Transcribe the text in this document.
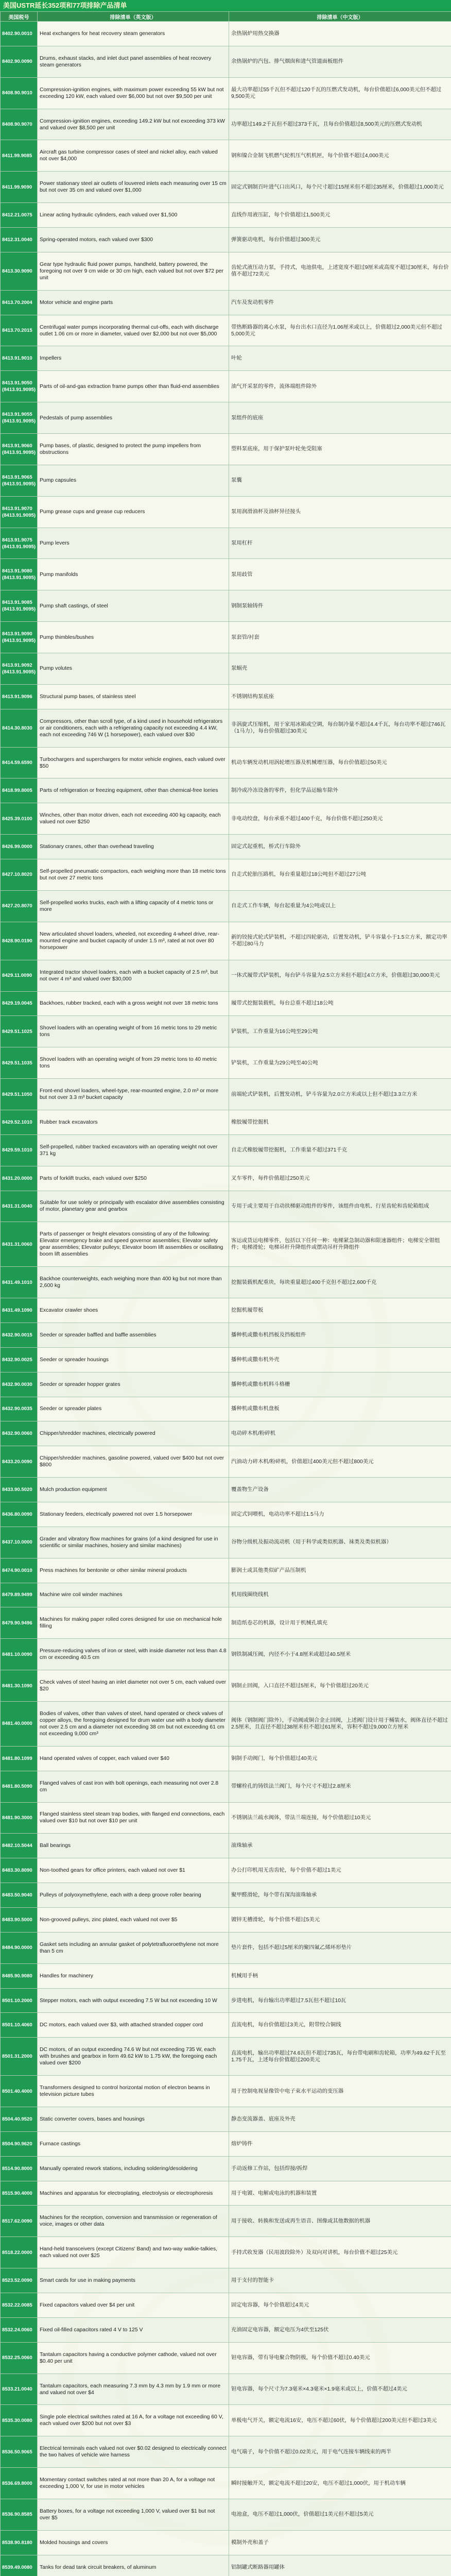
美国USTR延长352项和77项排除产品清单
美国税号	排除清单（英文版）	排除清单（中文版）
8402.90.0010	Heat exchangers for heat recovery steam generators	余热锅炉用热交换器
8402.90.0090	Drums, exhaust stacks, and inlet duct panel assemblies of heat recovery steam generators	余热锅炉的汽包、排气烟囱和进气管道面板组件
8408.90.9010	Compression-ignition engines, with maximum power exceeding 55 kW but not exceeding 120 kW, each valued over $6,000 but not over $9,500 per unit	最大功率超过55千瓦但不超过120千瓦的压燃式发动机，每台价值超过6,000美元但不超过9,500美元
8408.90.9070	Compression-ignition engines, exceeding 149.2 kW but not exceeding 373 kW and valued over $8,500 per unit	功率超过149.2千瓦但不超过373千瓦，且每台价值超过8,500美元的压燃式发动机
8411.99.9085	Aircraft gas turbine compressor cases of steel and nickel alloy, each valued not over $4,000	钢和镍合金制飞机燃气轮机压气机机匣，每个价值不超过4,000美元
8411.99.9090	Power stationary steel air outlets of louvered inlets each measuring over 15 cm but not over 35 cm and valued over $1,000	固定式钢制百叶进气口出风口，每个尺寸超过15厘米但不超过35厘米，价值超过1,000美元
8412.21.0075	Linear acting hydraulic cylinders, each valued over $1,500	直线作用液压缸，每个价值超过1,500美元
8412.31.0040	Spring-operated motors, each valued over $300	弹簧驱动电机，每台价值超过300美元
8413.30.9090	Gear type hydraulic fluid power pumps, handheld, battery powered, the foregoing not over 9 cm wide or 30 cm high, each valued but not over $72 per unit	齿轮式液压动力泵，手持式，电池供电，上述宽度不超过9厘米或高度不超过30厘米，每台价值不超过72美元
8413.70.2004	Motor vehicle and engine parts	汽车及发动机零件
8413.70.2015	Centrifugal water pumps incorporating thermal cut-offs, each with discharge outlet 1.06 cm or more in diameter, valued over $2,000 but not over $5,000	带热断路器的离心水泵，每台出水口直径为1.06厘米或以上，价值超过2,000美元但不超过5,000美元
8413.91.9010	Impellers	叶轮
8413.91.9050 (8413.91.9095)	Parts of oil-and-gas extraction frame pumps other than fluid-end assemblies	油气开采泵的零件，流体端组件除外
8413.91.9055 (8413.91.9095)	Pedestals of pump assemblies	泵组件的底座
8413.91.9060 (8413.91.9095)	Pump bases, of plastic, designed to protect the pump impellers from obstructions	塑料泵底座，用于保护泵叶轮免受阻塞
8413.91.9065 (8413.91.9095)	Pump capsules	泵囊
8413.91.9070 (8413.91.9095)	Pump grease cups and grease cup reducers	泵用润滑油杯及油杯异径接头
8413.91.9075 (8413.91.9095)	Pump levers	泵用杠杆
8413.91.9080 (8413.91.9095)	Pump manifolds	泵用歧管
8413.91.9085 (8413.91.9095)	Pump shaft castings, of steel	钢制泵轴铸件
8413.91.9090 (8413.91.9095)	Pump thimbles/bushes	泵套管/衬套
8413.91.9092 (8413.91.9095)	Pump volutes	泵蜗壳
8413.91.9096	Structural pump bases, of stainless steel	不锈钢结构泵底座
8414.30.8030	Compressors, other than scroll type, of a kind used in household refrigerators or air conditioners, each with a refrigerating capacity not exceeding 4.4 kW, each not exceeding 746 W (1 horsepower), each valued over $30	非涡旋式压缩机，用于家用冰箱或空调，每台制冷量不超过4.4千瓦，每台功率不超过746瓦（1马力），每台价值超过30美元
8414.59.6590	Turbochargers and superchargers for motor vehicle engines, each valued over $50	机动车辆发动机用涡轮增压器及机械增压器，每台价值超过50美元
8418.99.8005	Parts of refrigeration or freezing equipment, other than chemical-free lorries	制冷或冷冻设备的零件，但化学品运输车除外
8425.39.0100	Winches, other than motor driven, each not exceeding 400 kg capacity, each valued not over $250	非电动绞盘，每台承重不超过400千克，每台价值不超过250美元
8426.99.0000	Stationary cranes, other than overhead traveling	固定式起重机，桥式行车除外
8427.10.8020	Self-propelled pneumatic compactors, each weighing more than 18 metric tons but not over 27 metric tons	自走式轮胎压路机，每台重量超过18公吨但不超过27公吨
8427.20.8070	Self-propelled works trucks, each with a lifting capacity of 4 metric tons or more	自走式工作车辆，每台起重量为4公吨或以上
8428.90.0190	New articulated shovel loaders, wheeled, not exceeding 4-wheel drive, rear-mounted engine and bucket capacity of under 1.5 m³, rated at not over 80 horsepower	新的铰接式轮式铲装机，不超过四轮驱动，后置发动机，铲斗容量小于1.5立方米，额定功率不超过80马力
8429.11.0090	Integrated tractor shovel loaders, each with a bucket capacity of 2.5 m³, but not over 4 m³ and valued over $30,000	一体式履带式铲装机，每台铲斗容量为2.5立方米但不超过4立方米，价值超过30,000美元
8429.19.0045	Backhoes, rubber tracked, each with a gross weight not over 18 metric tons	履带式挖掘装载机，每台总重不超过18公吨
8429.51.1025	Shovel loaders with an operating weight of from 16 metric tons to 29 metric tons	铲装机，工作重量为16公吨至29公吨
8429.51.1035	Shovel loaders with an operating weight of from 29 metric tons to 40 metric tons	铲装机，工作重量为29公吨至40公吨
8429.51.1050	Front-end shovel loaders, wheel-type, rear-mounted engine, 2.0 m³ or more but not over 3.3 m³ bucket capacity	前端轮式铲装机，后置发动机，铲斗容量为2.0立方米或以上但不超过3.3立方米
8429.52.1010	Rubber track excavators	橡胶履带挖掘机
8429.59.1010	Self-propelled, rubber tracked excavators with an operating weight not over 371 kg	自走式橡胶履带挖掘机，工作重量不超过371千克
8431.20.0000	Parts of forklift trucks, each valued over $250	叉车零件，每件价值超过250美元
8431.31.0040	Suitable for use solely or principally with escalator drive assemblies consisting of motor, planetary gear and gearbox	专用于或主要用于自动扶梯驱动组件的零件，该组件由电机、行星齿轮和齿轮箱组成
8431.31.0060	Parts of passenger or freight elevators consisting of any of the following: Elevator emergency brake and speed governor assemblies; Elevator safety gear assemblies; Elevator pulleys; Elevator boom lift assemblies or oscillating boom lift assemblies	客运或货运电梯零件，包括以下任何一种：电梯紧急制动器和限速器组件；电梯安全钳组件；电梯滑轮；电梯吊杆升降组件或摆动吊杆升降组件
8431.49.1010	Backhoe counterweights, each weighing more than 400 kg but not more than 2,600 kg	挖掘装载机配重块，每块重量超过400千克但不超过2,600千克
8431.49.1090	Excavator crawler shoes	挖掘机履带板
8432.90.0015	Seeder or spreader baffled and baffle assemblies	播种机或撒布机挡板及挡板组件
8432.90.0025	Seeder or spreader housings	播种机或撒布机外壳
8432.90.0030	Seeder or spreader hopper grates	播种机或撒布机料斗格栅
8432.90.0035	Seeder or spreader plates	播种机或撒布机盘板
8432.90.0060	Chipper/shredder machines, electrically powered	电动碎木机/粉碎机
8433.20.0090	Chipper/shredder machines, gasoline powered, valued over $400 but not over $800	汽油动力碎木机/粉碎机，价值超过400美元但不超过800美元
8433.90.5020	Mulch production equipment	覆盖物生产设备
8436.80.0090	Stationary feeders, electrically powered not over 1.5 horsepower	固定式饲喂机，电动功率不超过1.5马力
8437.10.0000	Grader and vibratory flow machines for grains (of a kind designed for use in scientific or similar machines, hosiery and similar machines)	谷物分级机及振动流动机（用于科学或类似机器、袜类及类似机器）
8474.90.0010	Press machines for bentonite or other similar mineral products	膨润土或其他类似矿产品压制机
8479.89.9499	Machine wire coil winder machines	机用线圈绕线机
8479.90.9496	Machines for making paper rolled cores designed for use on mechanical hole filling	制造纸卷芯的机器，设计用于机械孔填充
8481.10.0090	Pressure-reducing valves of iron or steel, with inside diameter not less than 4.8 cm or exceeding 40.5 cm	钢铁制减压阀，内径不小于4.8厘米或超过40.5厘米
8481.30.1090	Check valves of steel having an inlet diameter not over 5 cm, each valued over $20	钢制止回阀，入口直径不超过5厘米，每个价值超过20美元
8481.40.0000	Bodies of valves, other than valves of steel, hand operated or check valves of copper alloys, the foregoing designed for drum water use with a body diameter not over 2.5 cm and a diameter not exceeding 38 cm but not exceeding 61 cm not exceeding 9,000 cm³	阀体（钢制阀门除外），手动阀或铜合金止回阀，上述阀门设计用于桶装水，阀体直径不超过2.5厘米，且直径不超过38厘米但不超过61厘米，容积不超过9,000立方厘米
8481.80.1099	Hand operated valves of copper, each valued over $40	铜制手动阀门，每个价值超过40美元
8481.80.5090	Flanged valves of cast iron with bolt openings, each measuring not over 2.8 cm	带螺栓孔的铸铁法兰阀门，每个尺寸不超过2.8厘米
8481.90.3000	Flanged stainless steel steam trap bodies, with flanged end connections, each valued over $10 but not over $10 per unit	不锈钢法兰疏水阀体，带法兰端连接，每个价值超过10美元
8482.10.5044	Ball bearings	滚珠轴承
8483.30.8090	Non-toothed gears for office printers, each valued not over $1	办公打印机用无齿齿轮，每个价值不超过1美元
8483.50.9040	Pulleys of polyoxymethylene, each with a deep groove roller bearing	聚甲醛滑轮，每个带有深沟滚珠轴承
8483.90.5000	Non-grooved pulleys, zinc plated, each valued not over $5	镀锌无槽滑轮，每个价值不超过5美元
8484.90.0000	Gasket sets including an annular gasket of polytetrafluoroethylene not more than 5 cm	垫片套件，包括不超过5厘米的聚四氟乙烯环形垫片
8485.90.9080	Handles for machinery	机械用手柄
8501.10.2000	Stepper motors, each with output exceeding 7.5 W but not exceeding 10 W	步进电机，每台输出功率超过7.5瓦但不超过10瓦
8501.10.4060	DC motors, each valued over $3, with attached stranded copper cord	直流电机，每台价值超过3美元，附带绞合铜线
8501.31.2000	DC motors, of an output exceeding 74.6 W but not exceeding 735 W, each with brushes and gearbox in form 49.62 kW to 1.75 kW, the foregoing each valued over $200	直流电机，输出功率超过74.6瓦但不超过735瓦，每台带电刷和齿轮箱，功率为49.62千瓦至1.75千瓦，上述每台价值超过200美元
8501.40.4000	Transformers designed to control horizontal motion of electron beams in television picture tubes	用于控制电视显像管中电子束水平运动的变压器
8504.40.9520	Static converter covers, bases and housings	静态变流器盖、底座及外壳
8504.90.9620	Furnace castings	熔炉铸件
8514.90.8000	Manually operated rework stations, including soldering/desoldering	手动返修工作站，包括焊接/拆焊
8515.90.4000	Machines and apparatus for electroplating, electrolysis or electrophoresis	用于电镀、电解或电泳的机器和装置
8517.62.0090	Machines for the reception, conversion and transmission or regeneration of voice, images or other data	用于接收、转换和发送或再生语音、图像或其他数据的机器
8518.22.0000	Hand-held transceivers (except Citizens' Band) and two-way walkie-talkies, each valued not over $25	手持式收发器（民用波段除外）及双向对讲机，每台价值不超过25美元
8523.52.0090	Smart cards for use in making payments	用于支付的智能卡
8532.22.0085	Fixed capacitors valued over $4 per unit	固定电容器，每个价值超过4美元
8532.24.0060	Fixed oil-filled capacitors rated 4 V to 125 V	充油固定电容器，额定电压为4伏至125伏
8532.25.0060	Tantalum capacitors having a conductive polymer cathode, valued not over $0.40 per unit	钽电容器，带有导电聚合物阴极，每个价值不超过0.40美元
8533.21.0040	Tantalum capacitors, each measuring 7.3 mm by 4.3 mm by 1.9 mm or more and valued not over $4	钽电容器，每个尺寸为7.3毫米×4.3毫米×1.9毫米或以上，价值不超过4美元
8535.30.0080	Single pole electrical switches rated at 16 A, for a voltage not exceeding 60 V, each valued over $200 but not over $3	单极电气开关，额定电流16安，电压不超过60伏，每个价值超过200美元但不超过3美元
8536.50.9065	Electrical terminals each valued not over $0.02 designed to electrically connect the two halves of vehicle wire harness	电气端子，每个价值不超过0.02美元，用于电气连接车辆线束的两半
8536.69.8000	Momentary contact switches rated at not more than 20 A, for a voltage not exceeding 1,000 V, for use in motor vehicles	瞬时接触开关，额定电流不超过20安，电压不超过1,000伏，用于机动车辆
8536.90.8585	Battery boxes, for a voltage not exceeding 1,000 V, valued over $1 but not over $5	电池盒，电压不超过1,000伏，价值超过1美元但不超过5美元
8538.90.8180	Molded housings and covers	模制外壳和盖子
8539.49.0080	Tanks for dead tank circuit breakers, of aluminum	铝制罐式断路器用罐体
